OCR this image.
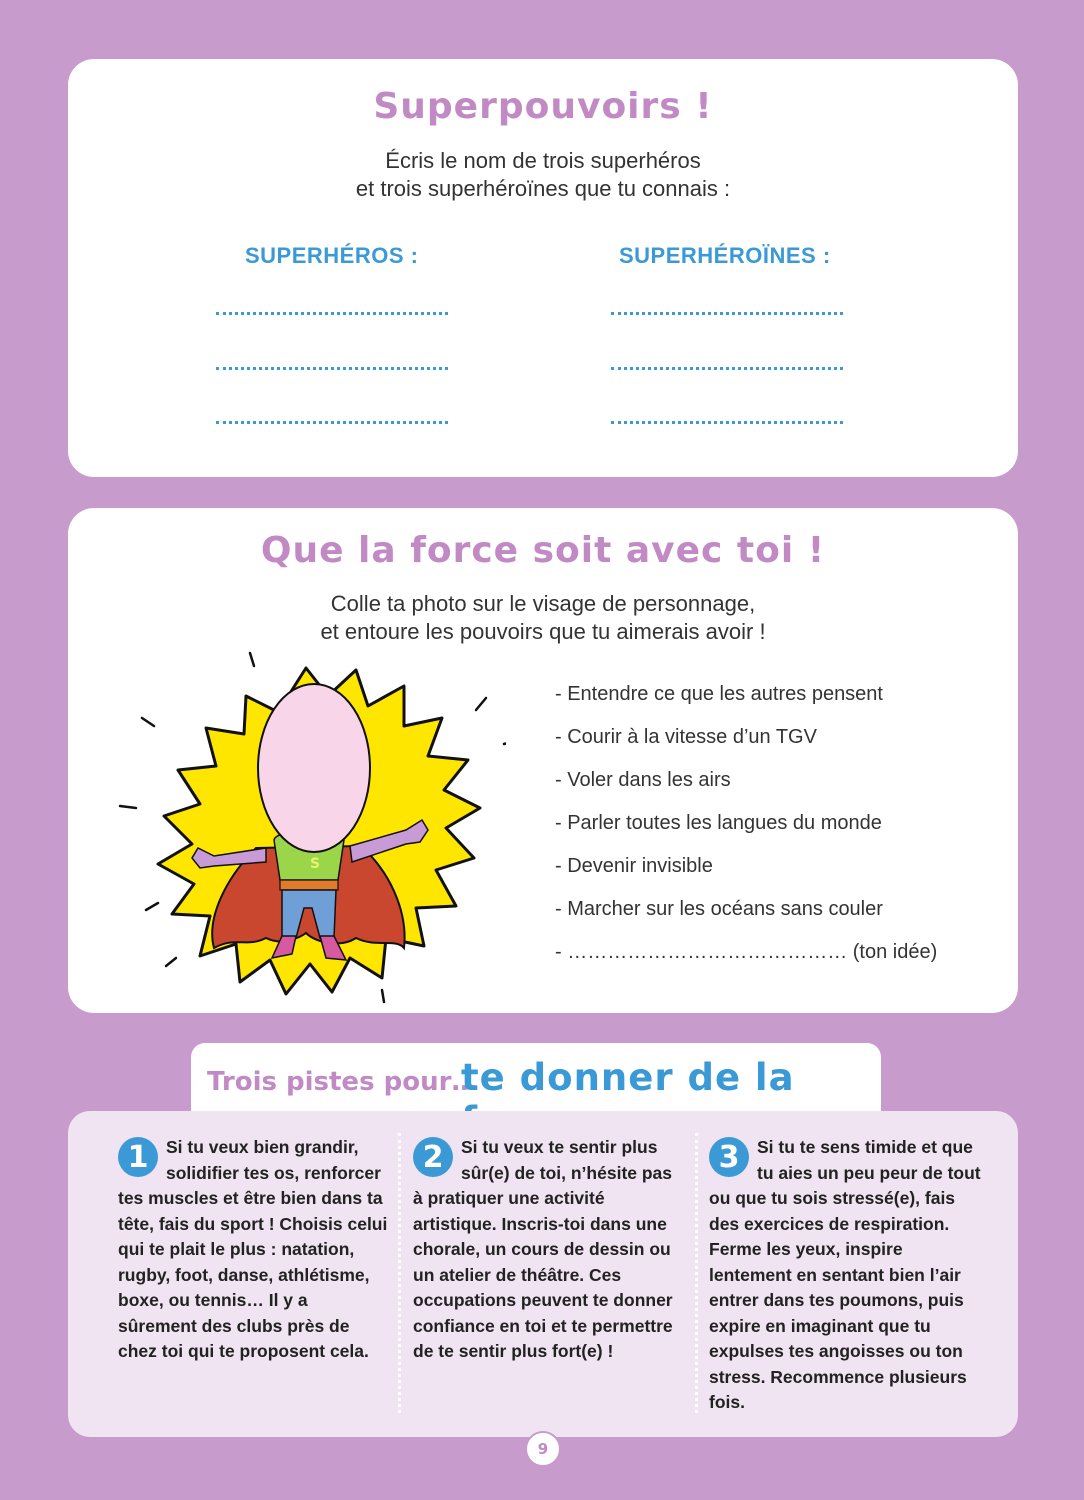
Superpouvoirs !
Écris le nom de trois superhéros
et trois superhéroïnes que tu connais :
SUPERHÉROS :	SUPERHÉROÏNES :
Que la force soit avec toi !
Colle ta photo sur le visage de personnage,
et entoure les pouvoirs que tu aimerais avoir !
S
- Entendre ce que les autres pensent
- Courir à la vitesse d’un TGV
- Voler dans les airs
- Parler toutes les langues du monde
- Devenir invisible
- Marcher sur les océans sans couler
- …………………………………… (ton idée)
Trois pistes pour…
te donner de la
1	Si tu veux bien grandir, solidifier tes os, renforcer tes muscles et être bien dans ta tête, fais du sport ! Choisis celui qui te plait le plus : natation, rugby, foot, danse, athlétisme, boxe, ou tennis… Il y a sûrement des clubs près de chez toi qui te proposent cela.
2	Si tu veux te sentir plus sûr(e) de toi, n’hésite pas à pratiquer une activité artistique. Inscris-toi dans une chorale, un cours de dessin ou un atelier de théâtre. Ces occupations peuvent te donner confiance en toi et te permettre de te sentir plus fort(e) !
3	Si tu te sens timide et que tu aies un peu peur de tout ou que tu sois stressé(e), fais des exercices de respiration. Ferme les yeux, inspire lentement en sentant bien l’air entrer dans tes poumons, puis expire en imaginant que tu expulses tes angoisses ou ton stress. Recommence plusieurs fois.
9
